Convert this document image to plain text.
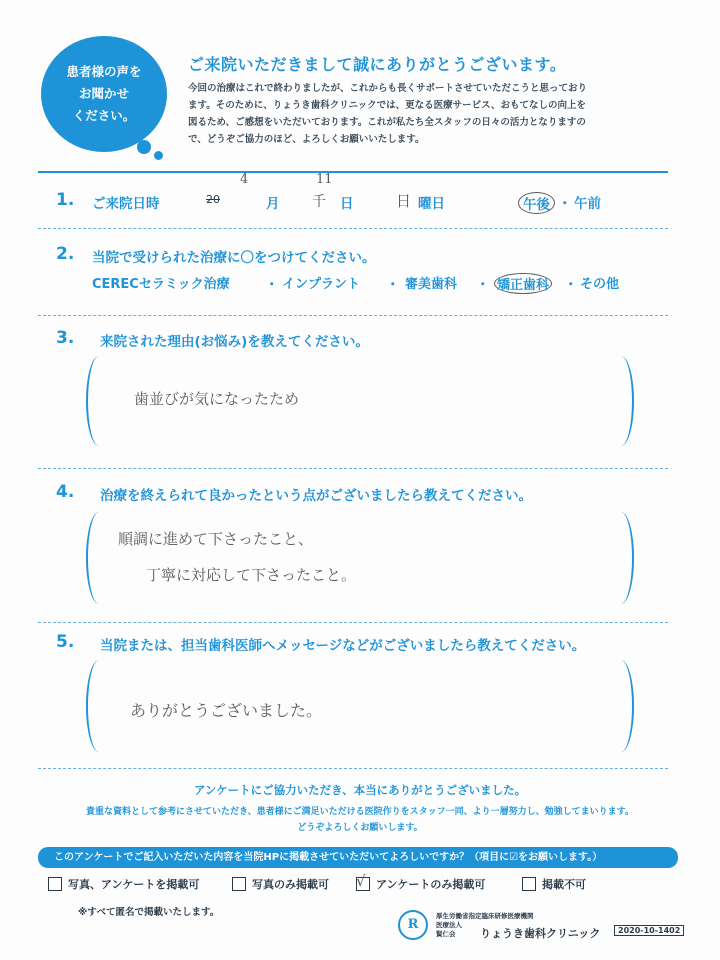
患者様の声を
お聞かせ
ください。
ご来院いただきまして誠にありがとうございます。
今回の治療はこれで終わりましたが、これからも長くサポートさせていただこうと思っており
ます。そのために、りょうき歯科クリニックでは、更なる医療サービス、おもてなしの向上を
図るため、ご感想をいただいております。これが私たち全スタッフの日々の活力となりますの
で、どうぞご協力のほど、よろしくお願いいたします。
1. ご来院日時	20
4
月
11
千 日	日 曜日	午後 ・ 午前
2. 当院で受けられた治療に〇をつけてください。
CERECセラミック治療	・ インプラント ・ 審美歯科 ・ 矯正歯科 ・ その他
3. 来院された理由(お悩み)を教えてください。
歯並びが気になったため
4. 治療を終えられて良かったという点がございましたら教えてください。
順調に進めて下さったこと、
丁寧に対応して下さったこと。
5. 当院または、担当歯科医師へメッセージなどがございましたら教えてください。
ありがとうございました。
アンケートにご協力いただき、本当にありがとうございました。
貴重な資料として参考にさせていただき、患者様にご満足いただける医院作りをスタッフ一同、より一層努力し、勉強してまいります。
どうぞよろしくお願いします。
このアンケートでご記入いただいた内容を当院HPに掲載させていただいてよろしいですか？（項目に☑をお願いします。）
写真、アンケートを掲載可	写真のみ掲載可 √ アンケートのみ掲載可	掲載不可
※すべて匿名で掲載いたします。
R
厚生労働省指定臨床研修医療機関
医療法人
賢仁会	りょうき歯科クリニック	2020-10-1402
